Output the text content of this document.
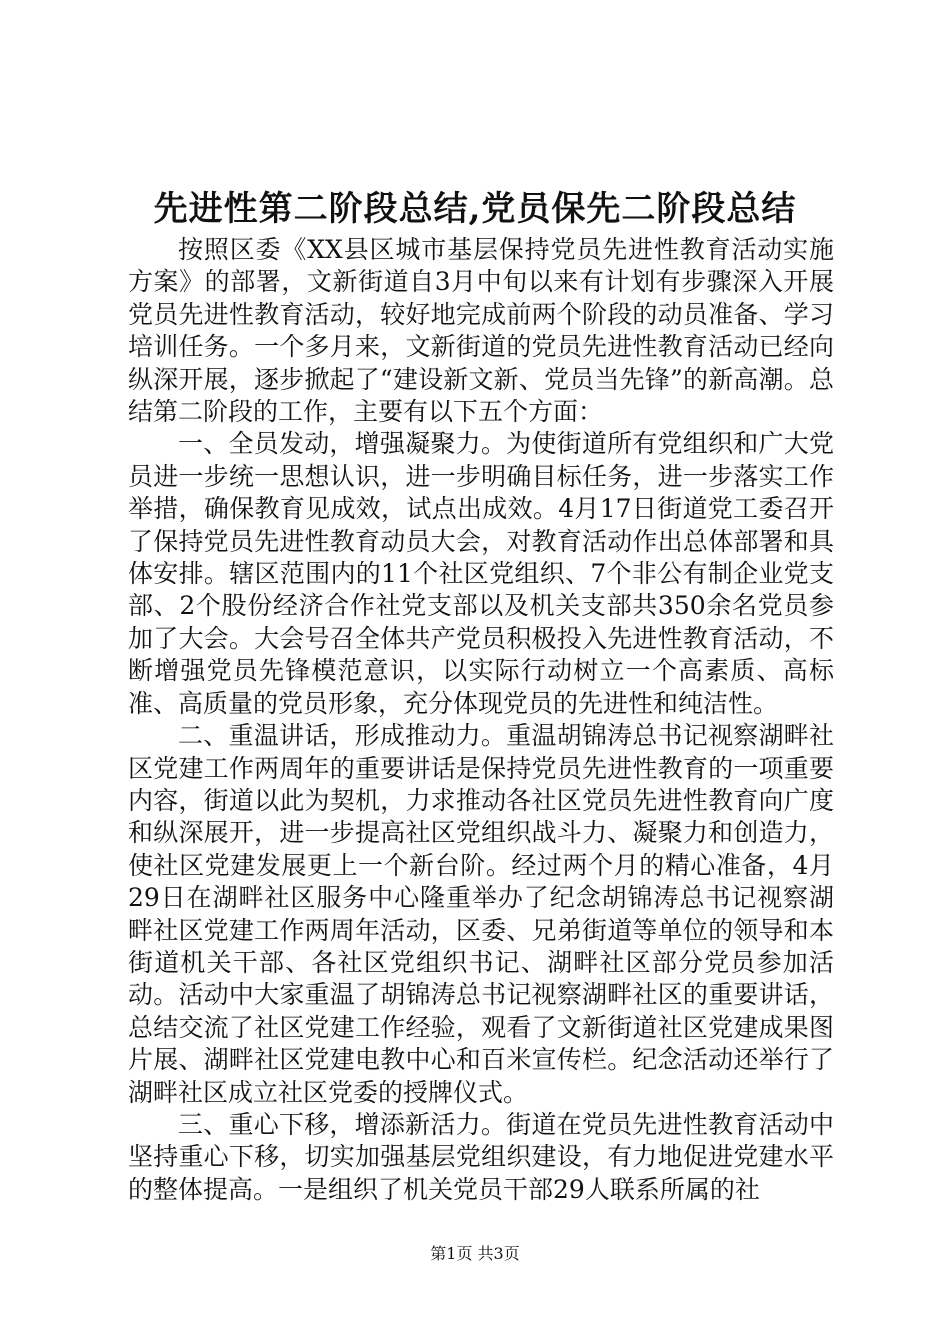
先进性第二阶段总结,党员保先二阶段总结

按照区委《XX县区城市基层保持党员先进性教育活动实施方案》的部署，文新街道自3月中旬以来有计划有步骤深入开展党员先进性教育活动，较好地完成前两个阶段的动员准备、学习培训任务。一个多月来，文新街道的党员先进性教育活动已经向纵深开展，逐步掀起了“建设新文新、党员当先锋”的新高潮。总结第二阶段的工作，主要有以下五个方面：

一、全员发动，增强凝聚力。为使街道所有党组织和广大党员进一步统一思想认识，进一步明确目标任务，进一步落实工作举措，确保教育见成效，试点出成效。4月17日街道党工委召开了保持党员先进性教育动员大会，对教育活动作出总体部署和具体安排。辖区范围内的11个社区党组织、7个非公有制企业党支部、2个股份经济合作社党支部以及机关支部共350余名党员参加了大会。大会号召全体共产党员积极投入先进性教育活动，不断增强党员先锋模范意识，以实际行动树立一个高素质、高标准、高质量的党员形象，充分体现党员的先进性和纯洁性。

二、重温讲话，形成推动力。重温胡锦涛总书记视察湖畔社区党建工作两周年的重要讲话是保持党员先进性教育的一项重要内容，街道以此为契机，力求推动各社区党员先进性教育向广度和纵深展开，进一步提高社区党组织战斗力、凝聚力和创造力，使社区党建发展更上一个新台阶。经过两个月的精心准备，4月29日在湖畔社区服务中心隆重举办了纪念胡锦涛总书记视察湖畔社区党建工作两周年活动，区委、兄弟街道等单位的领导和本街道机关干部、各社区党组织书记、湖畔社区部分党员参加活动。活动中大家重温了胡锦涛总书记视察湖畔社区的重要讲话，总结交流了社区党建工作经验，观看了文新街道社区党建成果图片展、湖畔社区党建电教中心和百米宣传栏。纪念活动还举行了湖畔社区成立社区党委的授牌仪式。

三、重心下移，增添新活力。街道在党员先进性教育活动中坚持重心下移，切实加强基层党组织建设，有力地促进党建水平的整体提高。一是组织了机关党员干部29人联系所属的社

第1页 共3页
